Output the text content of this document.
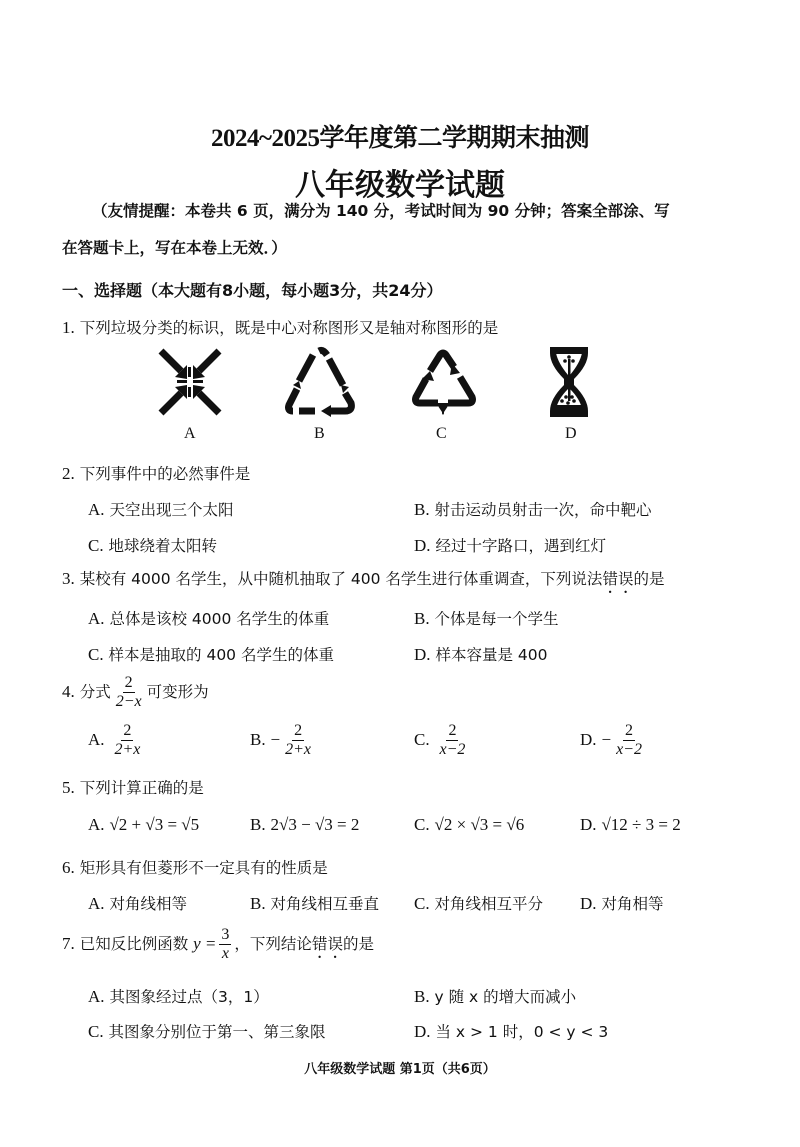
2024~2025学年度第二学期期末抽测
八年级数学试题
（友情提醒：本卷共 6 页，满分为 140 分，考试时间为 90 分钟；答案全部涂、写
在答题卡上，写在本卷上无效．）
一、选择题（本大题有8小题，每小题3分，共24分）
1. 下列垃圾分类的标识，既是中心对称图形又是轴对称图形的是
A	B	C	D
2. 下列事件中的必然事件是
A. 天空出现三个太阳	B. 射击运动员射击一次，命中靶心
C. 地球绕着太阳转	D. 经过十字路口，遇到红灯
3. 某校有 4000 名学生，从中随机抽取了 400 名学生进行体重调查，下列说法错误的是
A. 总体是该校 4000 名学生的体重	B. 个体是每一个学生
C. 样本是抽取的 400 名学生的体重	D. 样本容量是 400
4. 分式 $\frac{2}{2-x}$ 可变形为
A. $\frac{2}{2+x}$	B. − $\frac{2}{2+x}$	C. $\frac{2}{x-2}$	D. − $\frac{2}{x-2}$
5. 下列计算正确的是
A. √2 + √3 = √5	B. 2√3 − √3 = 2	C. √2 × √3 = √6	D. √12 ÷ 3 = 2
6. 矩形具有但菱形不一定具有的性质是
A. 对角线相等	B. 对角线相互垂直 C. 对角线相互平分 D. 对角相等
7. 已知反比例函数 $y = \frac{3}{x}$ ，下列结论错误的是
A. 其图象经过点（3，1）	B. y 随 x 的增大而减小
C. 其图象分别位于第一、第三象限	D. 当 x > 1 时，0 < y < 3
八年级数学试题 第1页（共6页）
